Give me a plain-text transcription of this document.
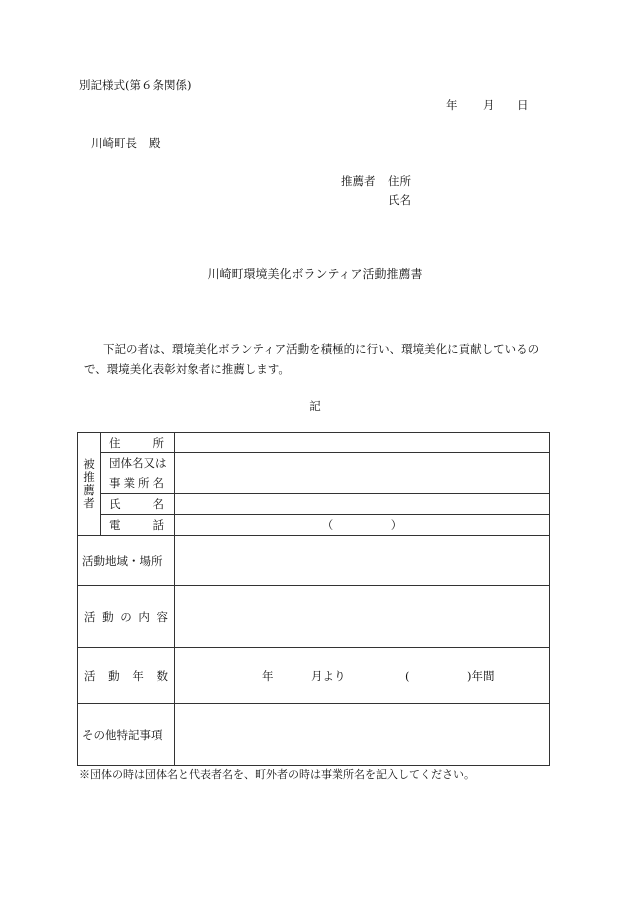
別記様式(第６条関係)
年 月 日
川崎町長 殿
推薦者 住所
氏名
川崎町環境美化ボランティア活動推薦書
下記の者は、環境美化ボランティア活動を積極的に行い、環境美化に貢献しているの
で、環境美化表彰対象者に推薦します。
記
被
推
薦
者	住 所	

	団体名又は
事 業 所 名	

	氏 名	

	電 話	（　　　　　）
活動地域・場所		

活 動 の 内 容		

活 動 年 数		年 月より ( )年間

その他特記事項		
※団体の時は団体名と代表者名を、町外者の時は事業所名を記入してください。
